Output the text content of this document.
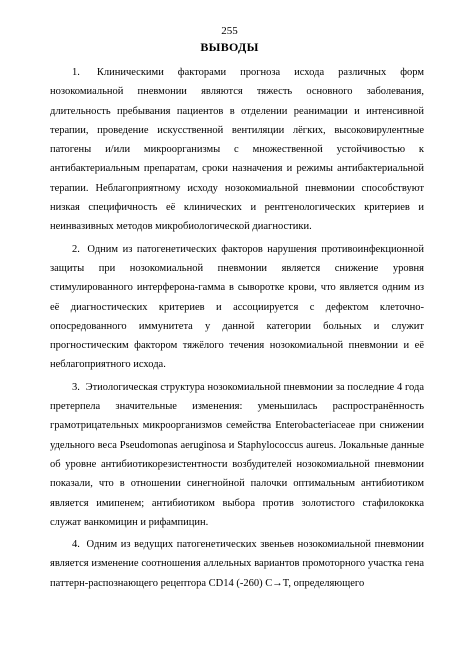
255
ВЫВОДЫ

1. Клиническими факторами прогноза исхода различных форм нозокомиальной пневмонии являются тяжесть основного заболевания, длительность пребывания пациентов в отделении реанимации и интенсивной терапии, проведение искусственной вентиляции лёгких, высоковирулентные патогены и/или микроорганизмы с множественной устойчивостью к антибактериальным препаратам, сроки назначения и режимы антибактериальной терапии. Неблагоприятному исходу нозокомиальной пневмонии способствуют низкая специфичность её клинических и рентгенологических критериев и неинвазивных методов микробиологической диагностики.

2. Одним из патогенетических факторов нарушения противоинфекционной защиты при нозокомиальной пневмонии является снижение уровня стимулированного интерферона-гамма в сыворотке крови, что является одним из её диагностических критериев и ассоциируется с дефектом клеточно-опосредованного иммунитета у данной категории больных и служит прогностическим фактором тяжёлого течения нозокомиальной пневмонии и её неблагоприятного исхода.

3. Этиологическая структура нозокомиальной пневмонии за последние 4 года претерпела значительные изменения: уменьшилась распространённость грамотрицательных микроорганизмов семейства Enterobacteriaceae при снижении удельного веса Pseudomonas aeruginosa и Staphylococcus aureus. Локальные данные об уровне антибиотикорезистентности возбудителей нозокомиальной пневмонии показали, что в отношении синегнойной палочки оптимальным антибиотиком является имипенем; антибиотиком выбора против золотистого стафилококка служат ванкомицин и рифампицин.

4. Одним из ведущих патогенетических звеньев нозокомиальной пневмонии является изменение соотношения аллельных вариантов промоторного участка гена паттерн-распознающего рецептора CD14 (-260) C→T, определяющего
